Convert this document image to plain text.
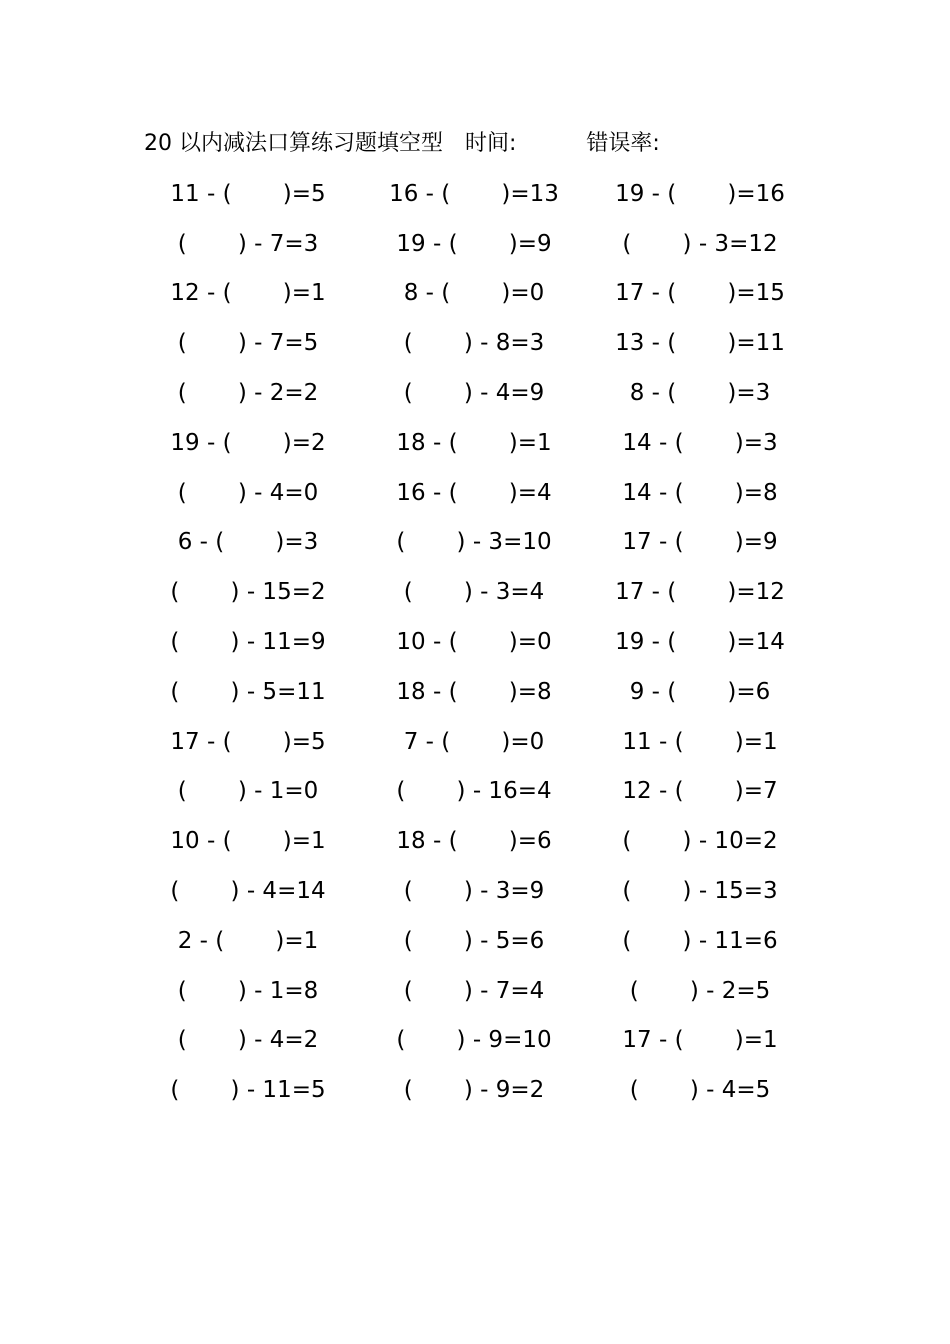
20 以内减法口算练习题填空型 时间:	错误率:
11 - (       )=5	16 - (       )=13	19 - (       )=16
(       ) - 7=3	19 - (       )=9	(       ) - 3=12
12 - (       )=1	8 - (       )=0	17 - (       )=15
(       ) - 7=5	(       ) - 8=3	13 - (       )=11
(       ) - 2=2	(       ) - 4=9	8 - (       )=3
19 - (       )=2	18 - (       )=1	14 - (       )=3
(       ) - 4=0	16 - (       )=4	14 - (       )=8
6 - (       )=3	(       ) - 3=10	17 - (       )=9
(       ) - 15=2	(       ) - 3=4	17 - (       )=12
(       ) - 11=9	10 - (       )=0	19 - (       )=14
(       ) - 5=11	18 - (       )=8	9 - (       )=6
17 - (       )=5	7 - (       )=0	11 - (       )=1
(       ) - 1=0	(       ) - 16=4	12 - (       )=7
10 - (       )=1	18 - (       )=6	(       ) - 10=2
(       ) - 4=14	(       ) - 3=9	(       ) - 15=3
2 - (       )=1	(       ) - 5=6	(       ) - 11=6
(       ) - 1=8	(       ) - 7=4	(       ) - 2=5
(       ) - 4=2	(       ) - 9=10	17 - (       )=1
(       ) - 11=5	(       ) - 9=2	(       ) - 4=5
